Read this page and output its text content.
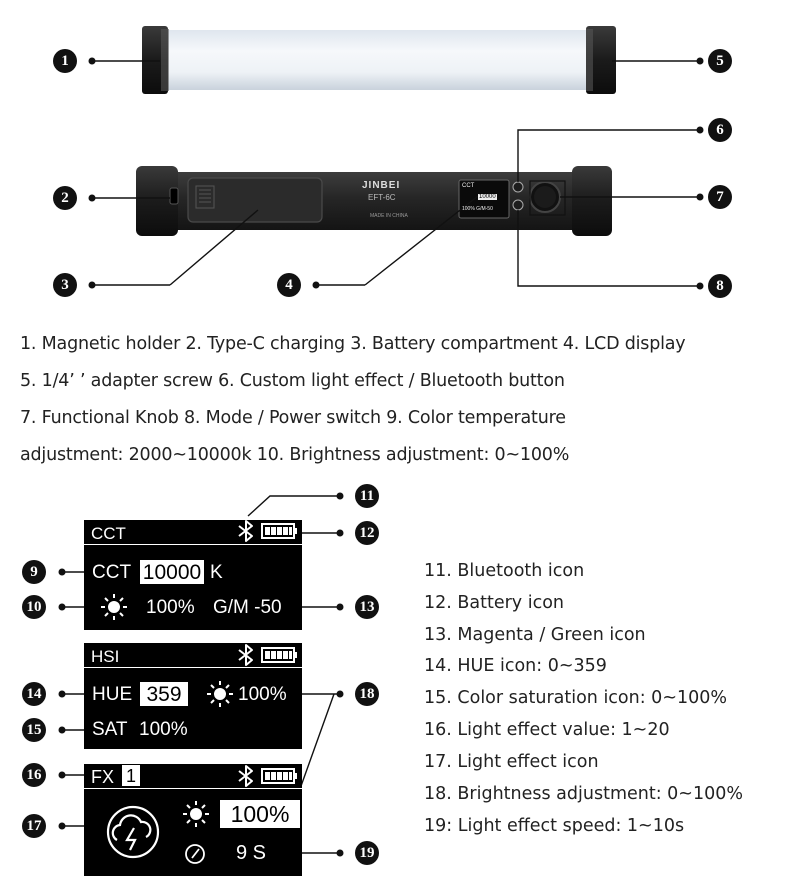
JINBEI
EFT-6C
MADE IN CHINA
CCT
10000
100% G/M-50
1	5
2
3	4
6
7
8
1. Magnetic holder 2. Type-C charging 3. Battery compartment 4. LCD display
5. 1/4’ ’ adapter screw 6. Custom light effect / Bluetooth button
7. Functional Knob 8. Mode / Power switch 9. Color temperature
adjustment: 2000~10000k 10. Brightness adjustment: 0~100%
CCT
CCT 10000 K
100% G/M -50
HSI
HUE 359	100%
SAT 100%
FX 1
100%
9 S
11
12
9
10	13
14
15
18
16
17
19
11. Bluetooth icon
12. Battery icon
13. Magenta / Green icon
14. HUE icon: 0~359
15. Color saturation icon: 0~100%
16. Light effect value: 1~20
17. Light effect icon
18. Brightness adjustment: 0~100%
19: Light effect speed: 1~10s
